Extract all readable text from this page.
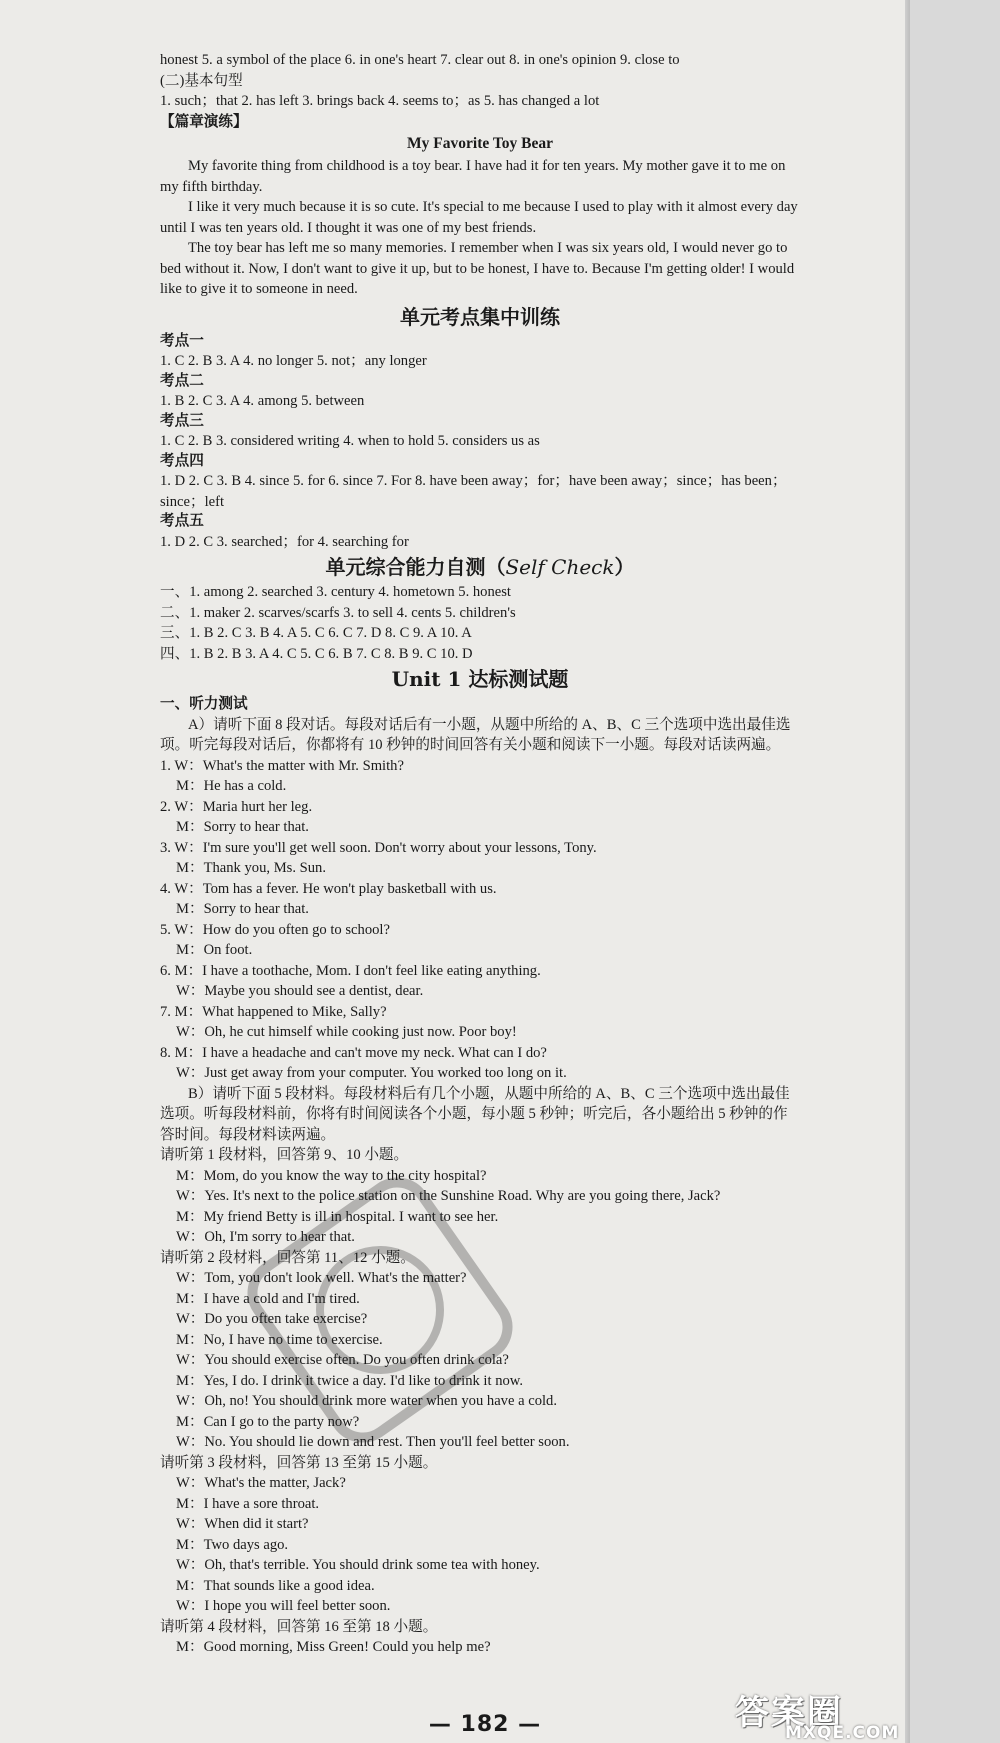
honest 5. a symbol of the place 6. in one's heart 7. clear out 8. in one's opinion 9. close to
(二)基本句型
1. such；that 2. has left 3. brings back 4. seems to；as 5. has changed a lot
【篇章演练】
My Favorite Toy Bear
My favorite thing from childhood is a toy bear. I have had it for ten years. My mother gave it to me on my fifth birthday.
I like it very much because it is so cute. It's special to me because I used to play with it almost every day until I was ten years old. I thought it was one of my best friends.
The toy bear has left me so many memories. I remember when I was six years old, I would never go to bed without it. Now, I don't want to give it up, but to be honest, I have to. Because I'm getting older! I would like to give it to someone in need.
单元考点集中训练
考点一
1. C 2. B 3. A 4. no longer 5. not；any longer
考点二
1. B 2. C 3. A 4. among 5. between
考点三
1. C 2. B 3. considered writing 4. when to hold 5. considers us as
考点四
1. D 2. C 3. B 4. since 5. for 6. since 7. For 8. have been away；for；have been away；since；has been；since；left
考点五
1. D 2. C 3. searched；for 4. searching for
单元综合能力自测（Self Check）
一、1. among 2. searched 3. century 4. hometown 5. honest
二、1. maker 2. scarves/scarfs 3. to sell 4. cents 5. children's
三、1. B 2. C 3. B 4. A 5. C 6. C 7. D 8. C 9. A 10. A
四、1. B 2. B 3. A 4. C 5. C 6. B 7. C 8. B 9. C 10. D
Unit 1 达标测试题
一、听力测试
A）请听下面 8 段对话。每段对话后有一小题，从题中所给的 A、B、C 三个选项中选出最佳选项。听完每段对话后，你都将有 10 秒钟的时间回答有关小题和阅读下一小题。每段对话读两遍。
1. W：What's the matter with Mr. Smith?
M：He has a cold.
2. W：Maria hurt her leg.
M：Sorry to hear that.
3. W：I'm sure you'll get well soon. Don't worry about your lessons, Tony.
M：Thank you, Ms. Sun.
4. W：Tom has a fever. He won't play basketball with us.
M：Sorry to hear that.
5. W：How do you often go to school?
M：On foot.
6. M：I have a toothache, Mom. I don't feel like eating anything.
W：Maybe you should see a dentist, dear.
7. M：What happened to Mike, Sally?
W：Oh, he cut himself while cooking just now. Poor boy!
8. M：I have a headache and can't move my neck. What can I do?
W：Just get away from your computer. You worked too long on it.
B）请听下面 5 段材料。每段材料后有几个小题，从题中所给的 A、B、C 三个选项中选出最佳选项。听每段材料前，你将有时间阅读各个小题，每小题 5 秒钟；听完后，各小题给出 5 秒钟的作答时间。每段材料读两遍。
请听第 1 段材料，回答第 9、10 小题。
M：Mom, do you know the way to the city hospital?
W：Yes. It's next to the police station on the Sunshine Road. Why are you going there, Jack?
M：My friend Betty is ill in hospital. I want to see her.
W：Oh, I'm sorry to hear that.
请听第 2 段材料，回答第 11、12 小题。
W：Tom, you don't look well. What's the matter?
M：I have a cold and I'm tired.
W：Do you often take exercise?
M：No, I have no time to exercise.
W：You should exercise often. Do you often drink cola?
M：Yes, I do. I drink it twice a day. I'd like to drink it now.
W：Oh, no! You should drink more water when you have a cold.
M：Can I go to the party now?
W：No. You should lie down and rest. Then you'll feel better soon.
请听第 3 段材料，回答第 13 至第 15 小题。
W：What's the matter, Jack?
M：I have a sore throat.
W：When did it start?
M：Two days ago.
W：Oh, that's terrible. You should drink some tea with honey.
M：That sounds like a good idea.
W：I hope you will feel better soon.
请听第 4 段材料，回答第 16 至第 18 小题。
M：Good morning, Miss Green! Could you help me?
— 182 —	答案圈
MXQE.COM
